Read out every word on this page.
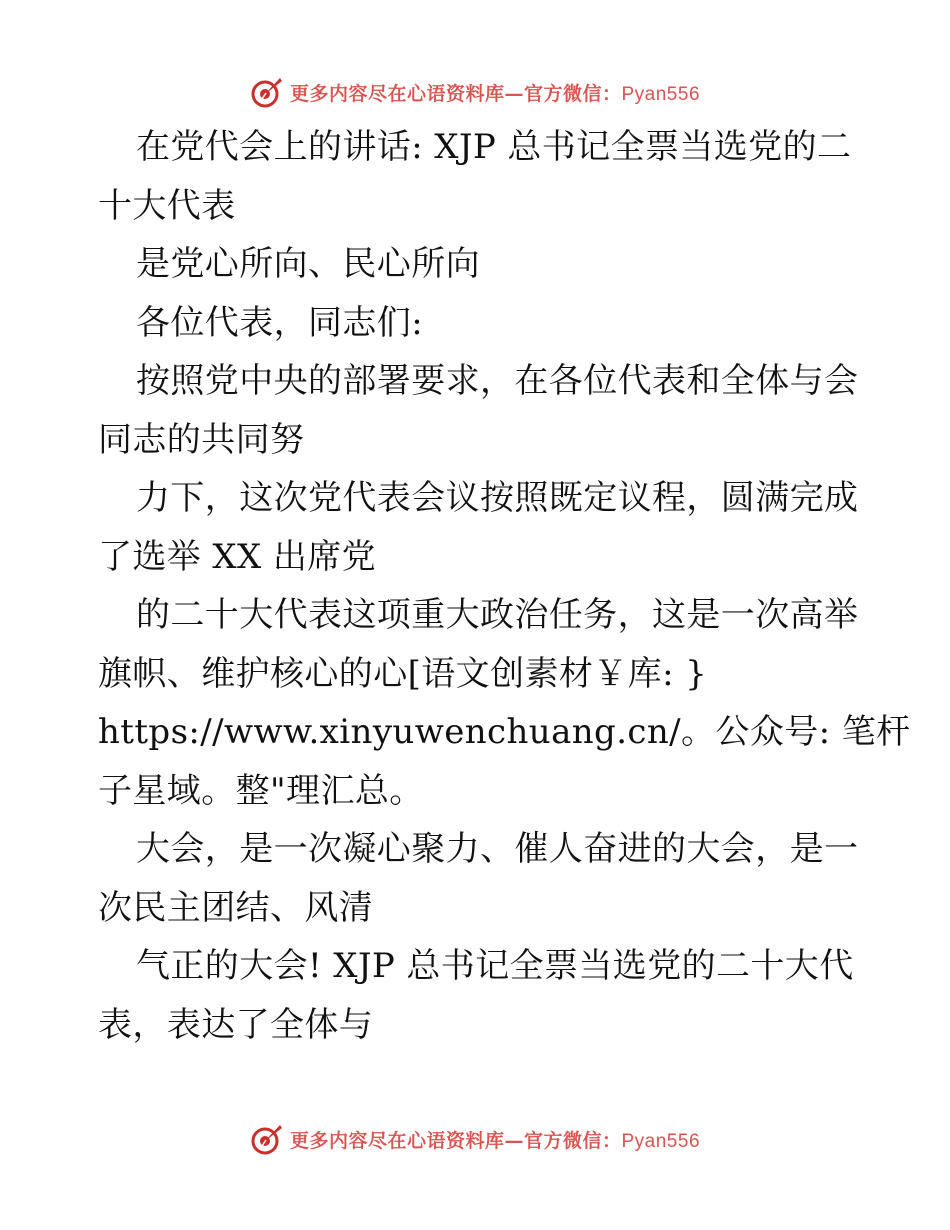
更多内容尽在心语资料库—官方微信：Pyan556
在党代会上的讲话: XJP 总书记全票当选党的二
十大代表
是党心所向、民心所向
各位代表，同志们:
按照党中央的部署要求，在各位代表和全体与会
同志的共同努
力下，这次党代表会议按照既定议程，圆满完成
了选举 XX 出席党
的二十大代表这项重大政治任务，这是一次高举
旗帜、维护核心的心[语文创素材￥库: }
https://www.xinyuwenchuang.cn/。公众号: 笔杆
子星域。整"理汇总。
大会，是一次凝心聚力、催人奋进的大会，是一
次民主团结、风清
气正的大会! XJP 总书记全票当选党的二十大代
表，表达了全体与
更多内容尽在心语资料库—官方微信：Pyan556
